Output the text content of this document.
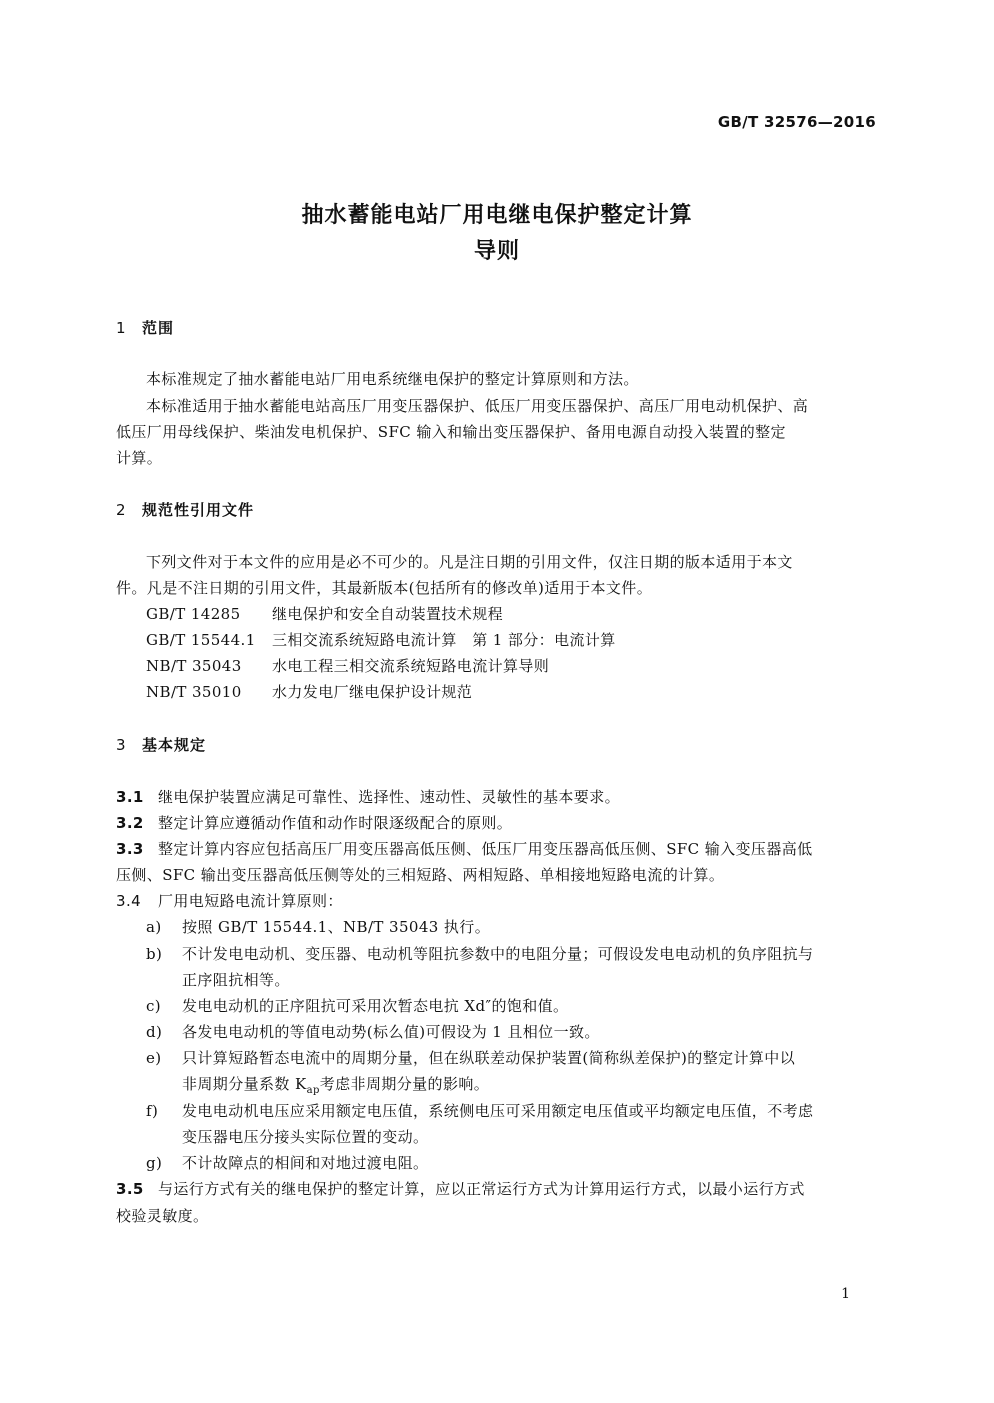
GB/T 32576—2016
抽水蓄能电站厂用电继电保护整定计算
导则
1 范围
本标准规定了抽水蓄能电站厂用电系统继电保护的整定计算原则和方法。
本标准适用于抽水蓄能电站高压厂用变压器保护、低压厂用变压器保护、高压厂用电动机保护、高
低压厂用母线保护、柴油发电机保护、SFC 输入和输出变压器保护、备用电源自动投入装置的整定
计算。
2 规范性引用文件
下列文件对于本文件的应用是必不可少的。凡是注日期的引用文件，仅注日期的版本适用于本文
件。凡是不注日期的引用文件，其最新版本(包括所有的修改单)适用于本文件。
GB/T 14285 继电保护和安全自动装置技术规程
GB/T 15544.1 三相交流系统短路电流计算　第 1 部分：电流计算
NB/T 35043 水电工程三相交流系统短路电流计算导则
NB/T 35010 水力发电厂继电保护设计规范
3 基本规定
3.1 继电保护装置应满足可靠性、选择性、速动性、灵敏性的基本要求。
3.2 整定计算应遵循动作值和动作时限逐级配合的原则。
3.3 整定计算内容应包括高压厂用变压器高低压侧、低压厂用变压器高低压侧、SFC 输入变压器高低
压侧、SFC 输出变压器高低压侧等处的三相短路、两相短路、单相接地短路电流的计算。
3.4 厂用电短路电流计算原则：
a) 按照 GB/T 15544.1、NB/T 35043 执行。
b) 不计发电电动机、变压器、电动机等阻抗参数中的电阻分量；可假设发电电动机的负序阻抗与
正序阻抗相等。
c) 发电电动机的正序阻抗可采用次暂态电抗 Xd″的饱和值。
d) 各发电电动机的等值电动势(标么值)可假设为 1 且相位一致。
e) 只计算短路暂态电流中的周期分量，但在纵联差动保护装置(简称纵差保护)的整定计算中以
非周期分量系数 $K_{ap}$考虑非周期分量的影响。
f) 发电电动机电压应采用额定电压值，系统侧电压可采用额定电压值或平均额定电压值，不考虑
变压器电压分接头实际位置的变动。
g) 不计故障点的相间和对地过渡电阻。
3.5 与运行方式有关的继电保护的整定计算，应以正常运行方式为计算用运行方式，以最小运行方式
校验灵敏度。
1
